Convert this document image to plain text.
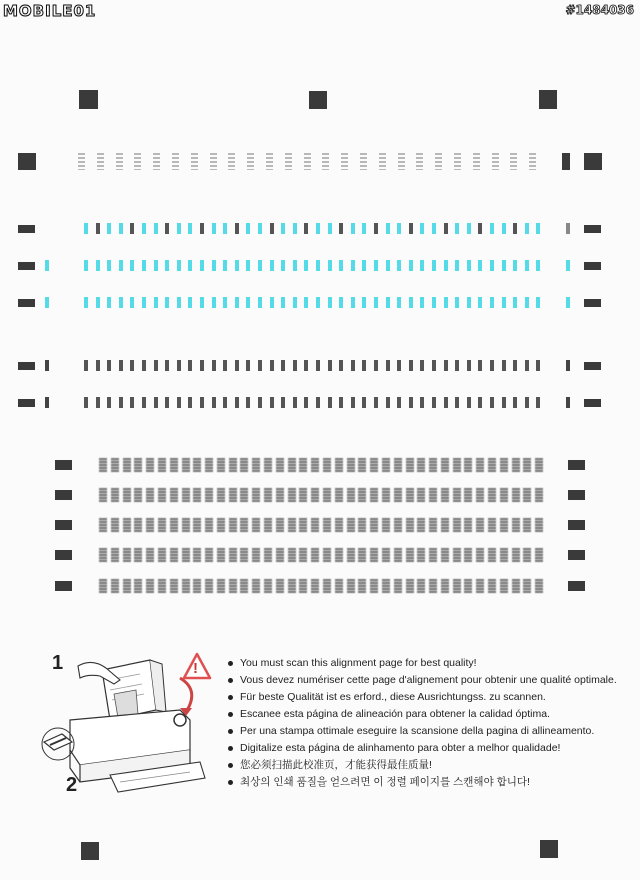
MOBILE01	#1484036
1
2
!	You must scan this alignment page for best quality!
Vous devez numériser cette page d'alignement pour obtenir une qualité optimale.
Für beste Qualität ist es erford., diese Ausrichtungss. zu scannen.
Escanee esta página de alineación para obtener la calidad óptima.
Per una stampa ottimale eseguire la scansione della pagina di allineamento.
Digitalize esta página de alinhamento para obter a melhor qualidade!
您必须扫描此校准页，才能获得最佳质量!
최상의 인쇄 품질을 얻으려면 이 정렬 페이지를 스캔해야 합니다!
